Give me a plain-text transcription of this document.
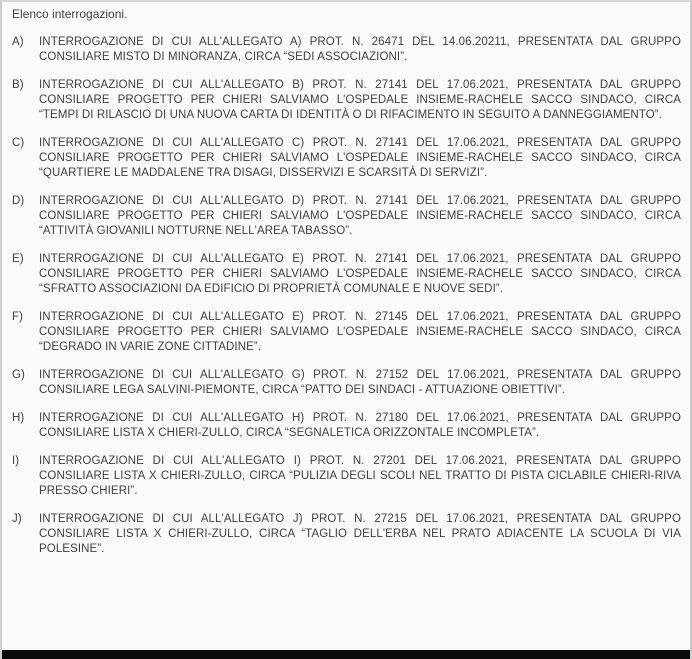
Elenco interrogazioni.
A) INTERROGAZIONE DI CUI ALL'ALLEGATO A) PROT. N. 26471 DEL 14.06.20211, PRESENTATA DAL GRUPPO CONSILIARE MISTO DI MINORANZA, CIRCA “SEDI ASSOCIAZIONI”.
B) INTERROGAZIONE DI CUI ALL'ALLEGATO B) PROT. N. 27141 DEL 17.06.2021, PRESENTATA DAL GRUPPO CONSILIARE PROGETTO PER CHIERI SALVIAMO L'OSPEDALE INSIEME-RACHELE SACCO SINDACO, CIRCA “TEMPI DI RILASCIO DI UNA NUOVA CARTA DI IDENTITÀ O DI RIFACIMENTO IN SEGUITO A DANNEGGIAMENTO”.
C) INTERROGAZIONE DI CUI ALL'ALLEGATO C) PROT. N. 27141 DEL 17.06.2021, PRESENTATA DAL GRUPPO CONSILIARE PROGETTO PER CHIERI SALVIAMO L'OSPEDALE INSIEME-RACHELE SACCO SINDACO, CIRCA “QUARTIERE LE MADDALENE TRA DISAGI, DISSERVIZI E SCARSITÀ DI SERVIZI”.
D) INTERROGAZIONE DI CUI ALL'ALLEGATO D) PROT. N. 27141 DEL 17.06.2021, PRESENTATA DAL GRUPPO CONSILIARE PROGETTO PER CHIERI SALVIAMO L'OSPEDALE INSIEME-RACHELE SACCO SINDACO, CIRCA “ATTIVITÀ GIOVANILI NOTTURNE NELL'AREA TABASSO”.
E) INTERROGAZIONE DI CUI ALL'ALLEGATO E) PROT. N. 27141 DEL 17.06.2021, PRESENTATA DAL GRUPPO CONSILIARE PROGETTO PER CHIERI SALVIAMO L'OSPEDALE INSIEME-RACHELE SACCO SINDACO, CIRCA “SFRATTO ASSOCIAZIONI DA EDIFICIO DI PROPRIETÀ COMUNALE E NUOVE SEDI”.
F) INTERROGAZIONE DI CUI ALL'ALLEGATO E) PROT. N. 27145 DEL 17.06.2021, PRESENTATA DAL GRUPPO CONSILIARE PROGETTO PER CHIERI SALVIAMO L'OSPEDALE INSIEME-RACHELE SACCO SINDACO, CIRCA “DEGRADO IN VARIE ZONE CITTADINE”.
G) INTERROGAZIONE DI CUI ALL'ALLEGATO G) PROT. N. 27152 DEL 17.06.2021, PRESENTATA DAL GRUPPO CONSILIARE LEGA SALVINI-PIEMONTE, CIRCA “PATTO DEI SINDACI - ATTUAZIONE OBIETTIVI”.
H) INTERROGAZIONE DI CUI ALL'ALLEGATO H) PROT. N. 27180 DEL 17.06.2021, PRESENTATA DAL GRUPPO CONSILIARE LISTA X CHIERI-ZULLO, CIRCA “SEGNALETICA ORIZZONTALE INCOMPLETA”.
I) INTERROGAZIONE DI CUI ALL'ALLEGATO I) PROT. N. 27201 DEL 17.06.2021, PRESENTATA DAL GRUPPO CONSILIARE LISTA X CHIERI-ZULLO, CIRCA “PULIZIA DEGLI SCOLI NEL TRATTO DI PISTA CICLABILE CHIERI-RIVA PRESSO CHIERI”.
J) INTERROGAZIONE DI CUI ALL'ALLEGATO J) PROT. N. 27215 DEL 17.06.2021, PRESENTATA DAL GRUPPO CONSILIARE LISTA X CHIERI-ZULLO, CIRCA “TAGLIO DELL'ERBA NEL PRATO ADIACENTE LA SCUOLA DI VIA POLESINE”.
